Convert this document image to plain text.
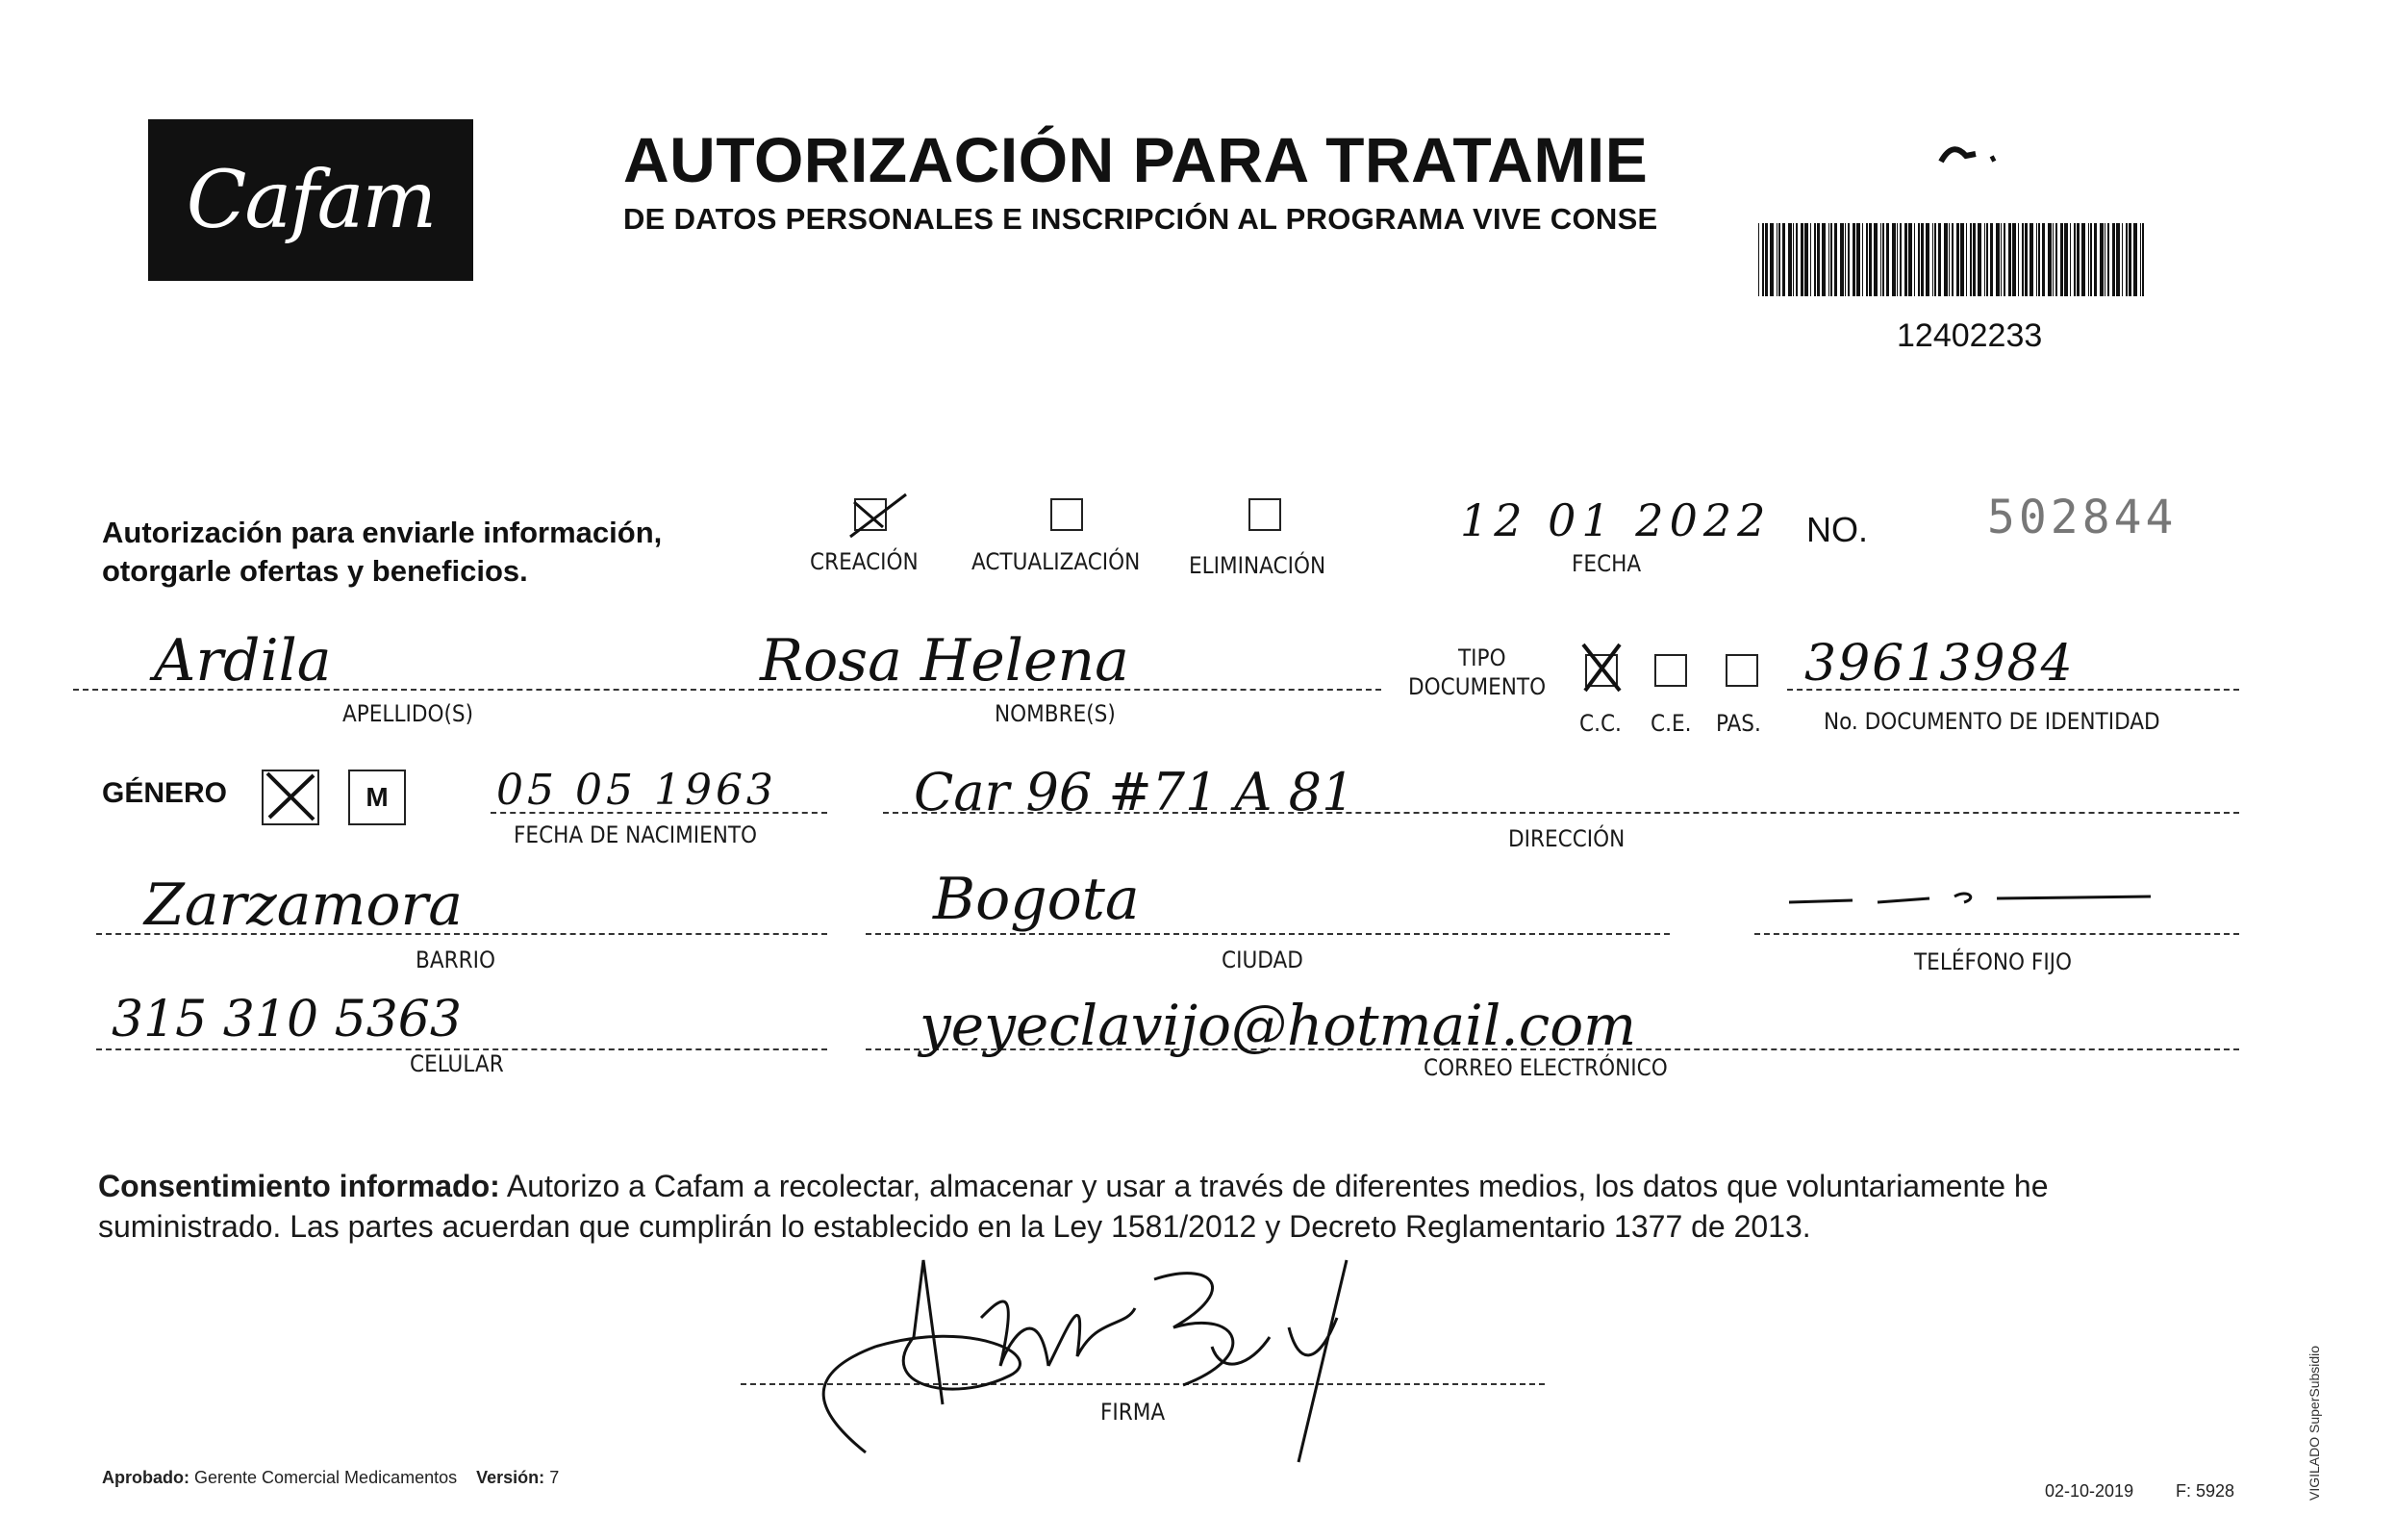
Cafam	AUTORIZACIÓN PARA TRATAMIE
DE DATOS PERSONALES E INSCRIPCIÓN AL PROGRAMA VIVE CONSE
12402233
Autorización para enviarle información,
otorgarle ofertas y beneficios.	CREACIÓN ACTUALIZACIÓN ELIMINACIÓN
12 01 2022
FECHA
NO.	502844
Ardila
APELLIDO(S)
Rosa Helena
NOMBRE(S)
TIPO
DOCUMENTO
C.C. C.E. PAS.
39613984
No. DOCUMENTO DE IDENTIDAD
GÉNERO	M	05 05 1963
FECHA DE NACIMIENTO
Car 96 #71 A 81
DIRECCIÓN
Zarzamora
BARRIO
Bogota
CIUDAD	TELÉFONO FIJO
315 310 5363
CELULAR
yeyeclavijo@hotmail.com
CORREO ELECTRÓNICO
Consentimiento informado: Autorizo a Cafam a recolectar, almacenar y usar a través de diferentes medios, los datos que voluntariamente he suministrado. Las partes acuerdan que cumplirán lo establecido en la Ley 1581/2012 y Decreto Reglamentario 1377 de 2013.
FIRMA
Aprobado: Gerente Comercial Medicamentos Versión: 7
02-10-2019 F: 5928	VIGILADO SuperSubsidio
